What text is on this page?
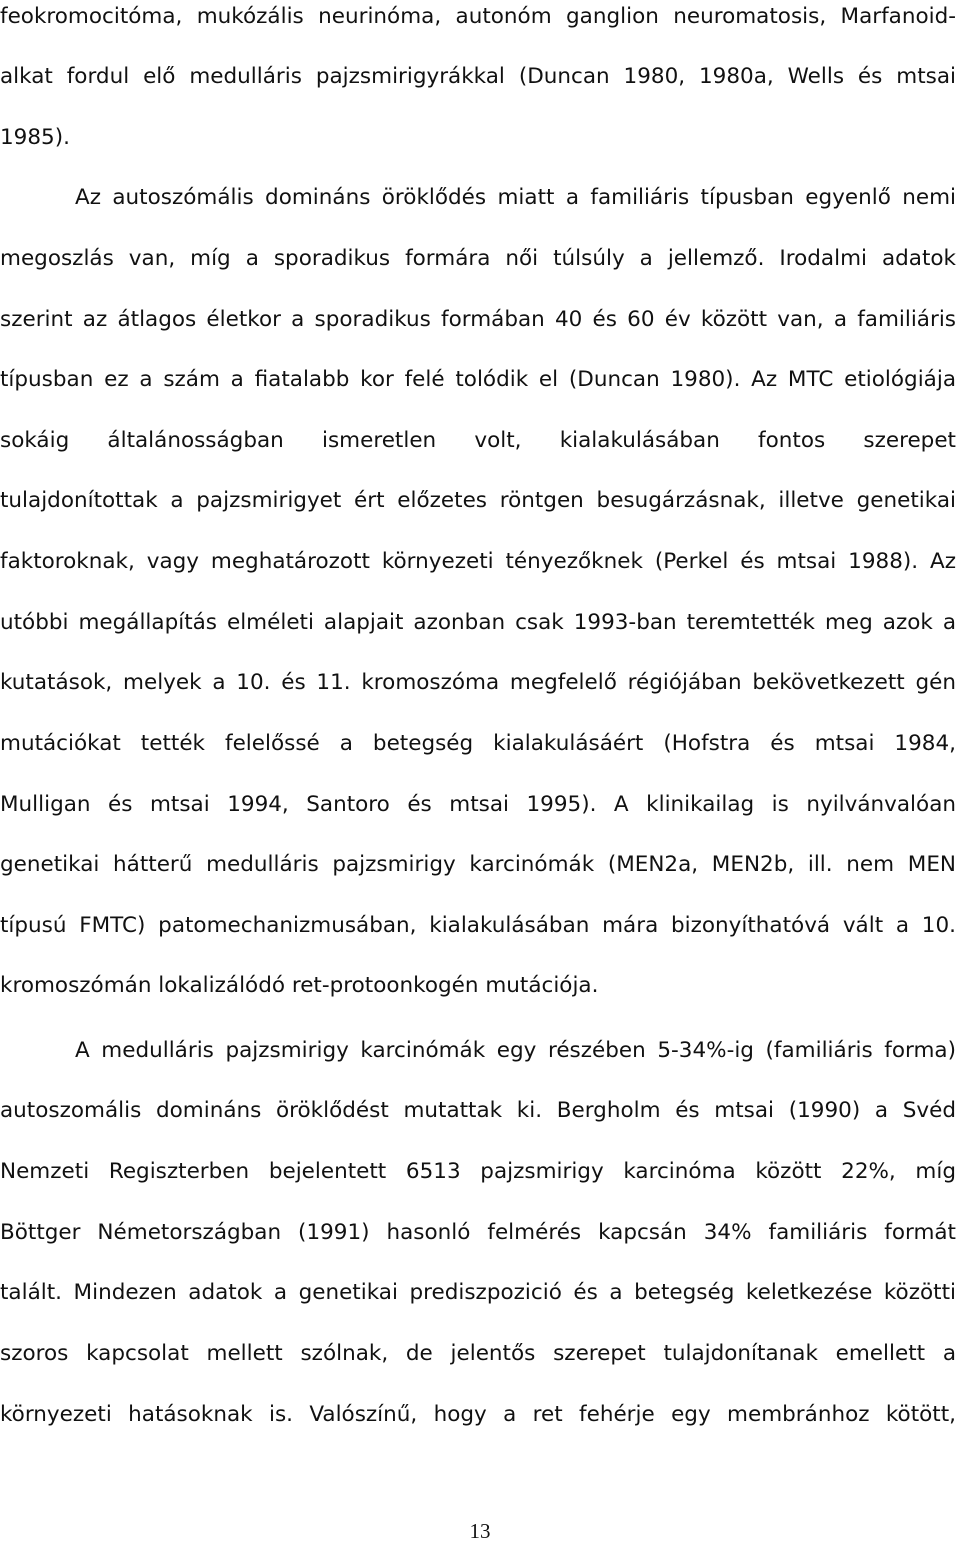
feokromocitóma, mukózális neurinóma, autonóm ganglion neuromatosis, Marfanoid-
alkat fordul elő medulláris pajzsmirigyrákkal (Duncan 1980, 1980a, Wells és mtsai
1985).
Az autoszómális domináns öröklődés miatt a familiáris típusban egyenlő nemi
megoszlás van, míg a sporadikus formára női túlsúly a jellemző. Irodalmi adatok
szerint az átlagos életkor a sporadikus formában 40 és 60 év között van, a familiáris
típusban ez a szám a fiatalabb kor felé tolódik el (Duncan 1980). Az MTC etiológiája
sokáig általánosságban ismeretlen volt, kialakulásában fontos szerepet
tulajdonítottak a pajzsmirigyet ért előzetes röntgen besugárzásnak, illetve genetikai
faktoroknak, vagy meghatározott környezeti tényezőknek (Perkel és mtsai 1988). Az
utóbbi megállapítás elméleti alapjait azonban csak 1993-ban teremtették meg azok a
kutatások, melyek a 10. és 11. kromoszóma megfelelő régiójában bekövetkezett gén
mutációkat tették felelőssé a betegség kialakulásáért (Hofstra és mtsai 1984,
Mulligan és mtsai 1994, Santoro és mtsai 1995). A klinikailag is nyilvánvalóan
genetikai hátterű medulláris pajzsmirigy karcinómák (MEN2a, MEN2b, ill. nem MEN
típusú FMTC) patomechanizmusában, kialakulásában mára bizonyíthatóvá vált a 10.
kromoszómán lokalizálódó ret-protoonkogén mutációja.
A medulláris pajzsmirigy karcinómák egy részében 5-34%-ig (familiáris forma)
autoszomális domináns öröklődést mutattak ki. Bergholm és mtsai (1990) a Svéd
Nemzeti Regiszterben bejelentett 6513 pajzsmirigy karcinóma között 22%, míg
Böttger Németországban (1991) hasonló felmérés kapcsán 34% familiáris formát
talált. Mindezen adatok a genetikai prediszpozició és a betegség keletkezése közötti
szoros kapcsolat mellett szólnak, de jelentős szerepet tulajdonítanak emellett a
környezeti hatásoknak is. Valószínű, hogy a ret fehérje egy membránhoz kötött,
13
